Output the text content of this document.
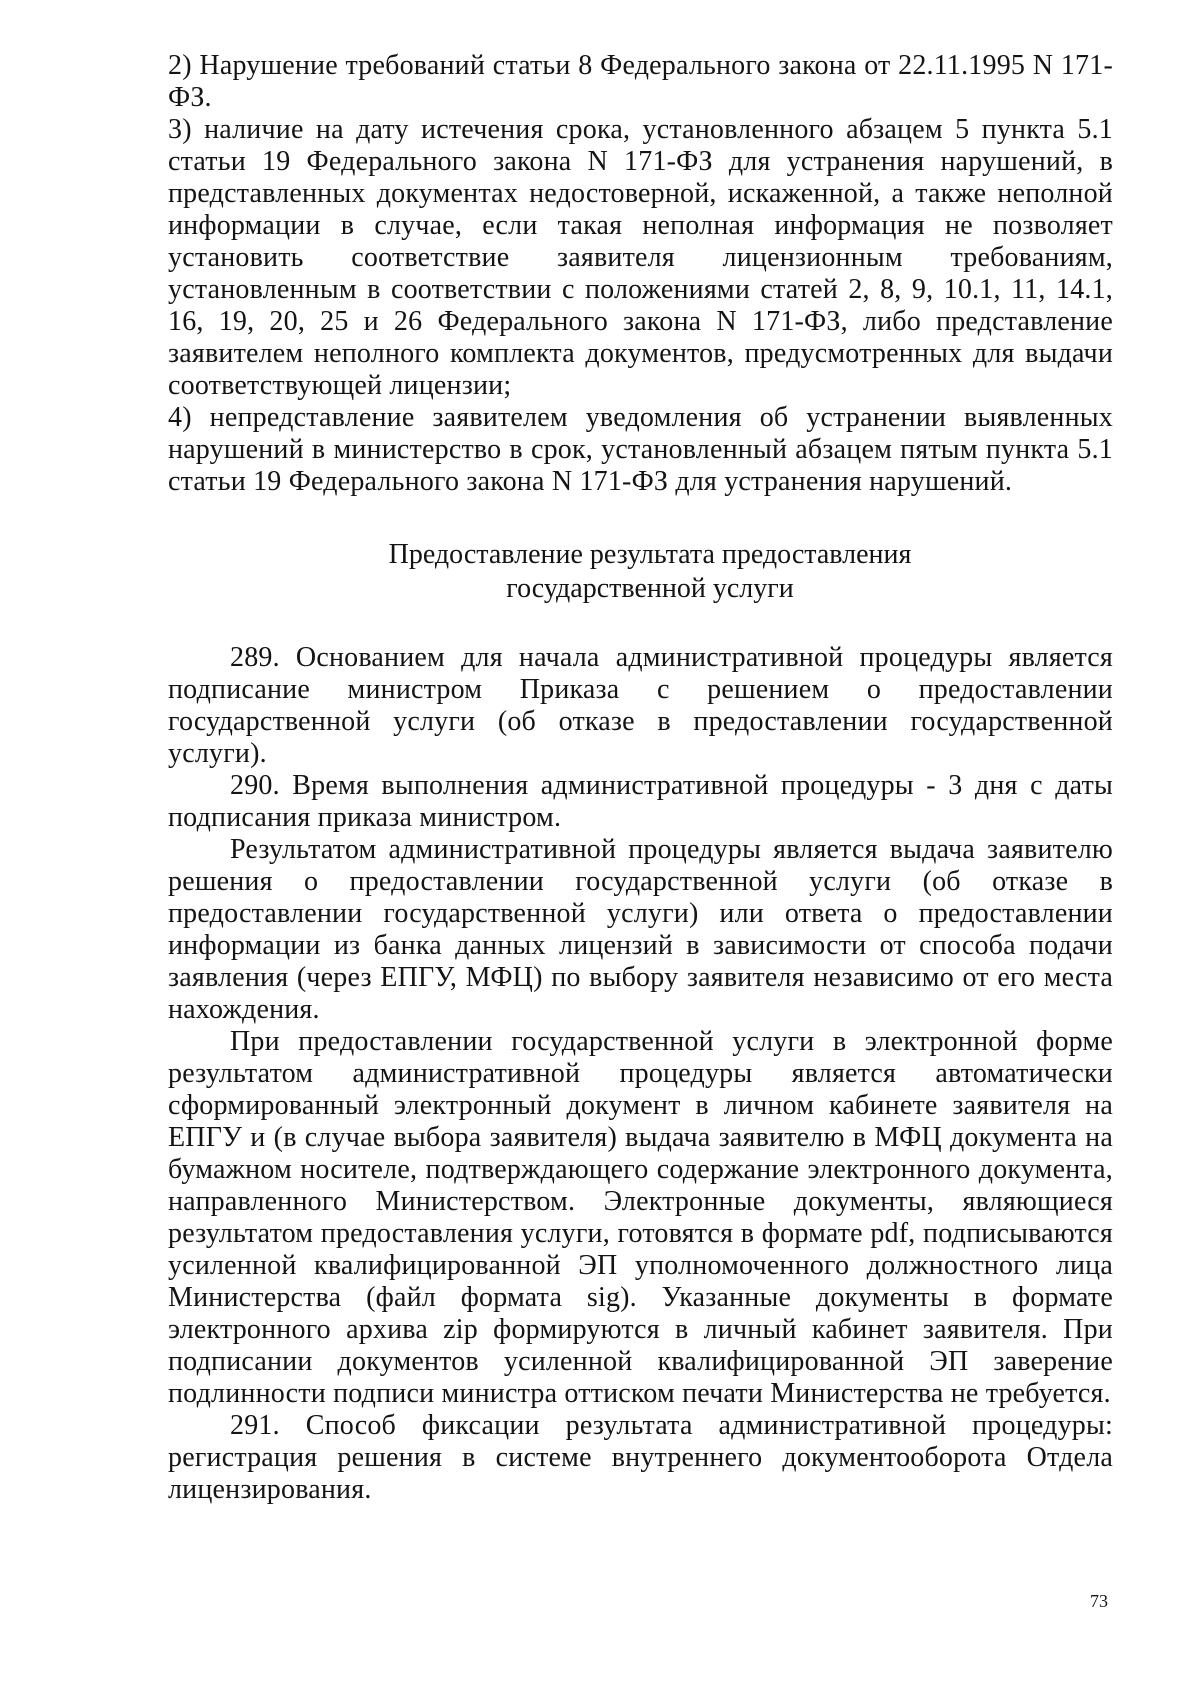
2) Нарушение требований статьи 8 Федерального закона от 22.11.1995 N 171-ФЗ.

3) наличие на дату истечения срока, установленного абзацем 5 пункта 5.1 статьи 19 Федерального закона N 171-ФЗ для устранения нарушений, в представленных документах недостоверной, искаженной, а также неполной информации в случае, если такая неполная информация не позволяет установить соответствие заявителя лицензионным требованиям, установленным в соответствии с положениями статей 2, 8, 9, 10.1, 11, 14.1, 16, 19, 20, 25 и 26 Федерального закона N 171-ФЗ, либо представление заявителем неполного комплекта документов, предусмотренных для выдачи соответствующей лицензии;

4) непредставление заявителем уведомления об устранении выявленных нарушений в министерство в срок, установленный абзацем пятым пункта 5.1 статьи 19 Федерального закона N 171-ФЗ для устранения нарушений.

Предоставление результата предоставления
государственной услуги

289. Основанием для начала административной процедуры является подписание министром Приказа с решением о предоставлении государственной услуги (об отказе в предоставлении государственной услуги).

290. Время выполнения административной процедуры - 3 дня с даты подписания приказа министром.

Результатом административной процедуры является выдача заявителю решения о предоставлении государственной услуги (об отказе в предоставлении государственной услуги) или ответа о предоставлении информации из банка данных лицензий в зависимости от способа подачи заявления (через ЕПГУ, МФЦ) по выбору заявителя независимо от его места нахождения.

При предоставлении государственной услуги в электронной форме результатом административной процедуры является автоматически сформированный электронный документ в личном кабинете заявителя на ЕПГУ и (в случае выбора заявителя) выдача заявителю в МФЦ документа на бумажном носителе, подтверждающего содержание электронного документа, направленного Министерством. Электронные документы, являющиеся результатом предоставления услуги, готовятся в формате pdf, подписываются усиленной квалифицированной ЭП уполномоченного должностного лица Министерства (файл формата sig). Указанные документы в формате электронного архива zip формируются в личный кабинет заявителя. При подписании документов усиленной квалифицированной ЭП заверение подлинности подписи министра оттиском печати Министерства не требуется.

291. Способ фиксации результата административной процедуры: регистрация решения в системе внутреннего документооборота Отдела лицензирования.

73
